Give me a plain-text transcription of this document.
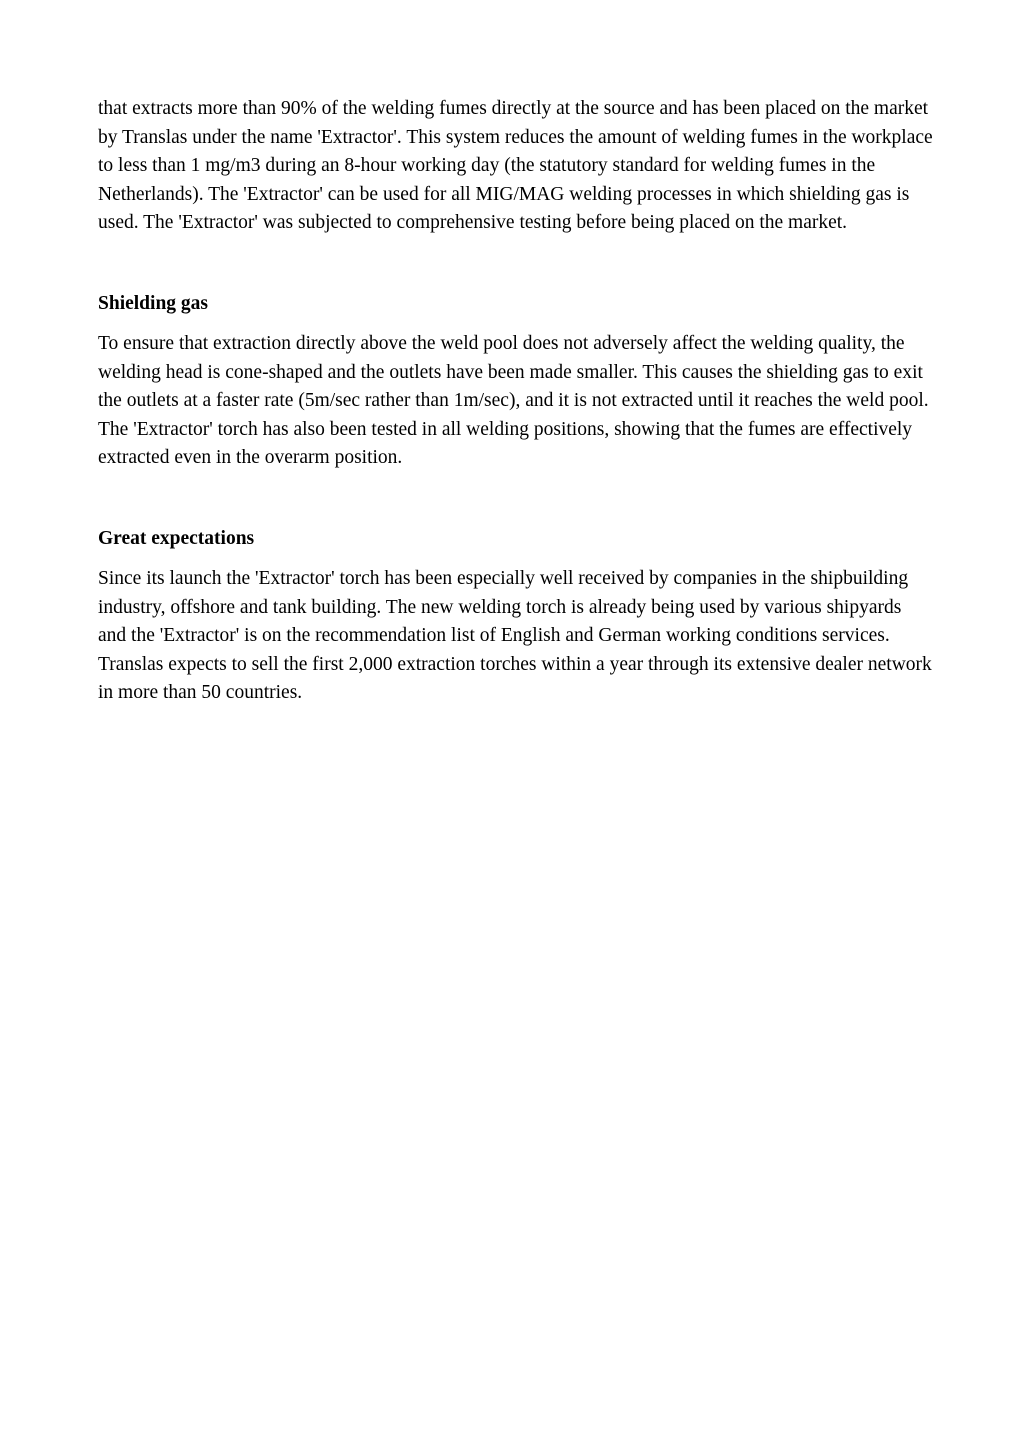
that extracts more than 90% of the welding fumes directly at the source and has been placed on the market by Translas under the name 'Extractor'. This system reduces the amount of welding fumes in the workplace to less than 1 mg/m3 during an 8-hour working day (the statutory standard for welding fumes in the Netherlands). The 'Extractor' can be used for all MIG/MAG welding processes in which shielding gas is used. The 'Extractor' was subjected to comprehensive testing before being placed on the market.

Shielding gas

To ensure that extraction directly above the weld pool does not adversely affect the welding quality, the welding head is cone-shaped and the outlets have been made smaller. This causes the shielding gas to exit the outlets at a faster rate (5m/sec rather than 1m/sec), and it is not extracted until it reaches the weld pool. The 'Extractor' torch has also been tested in all welding positions, showing that the fumes are effectively extracted even in the overarm position.

Great expectations

Since its launch the 'Extractor' torch has been especially well received by companies in the shipbuilding industry, offshore and tank building. The new welding torch is already being used by various shipyards and the 'Extractor' is on the recommendation list of English and German working conditions services. Translas expects to sell the first 2,000 extraction torches within a year through its extensive dealer network in more than 50 countries.
